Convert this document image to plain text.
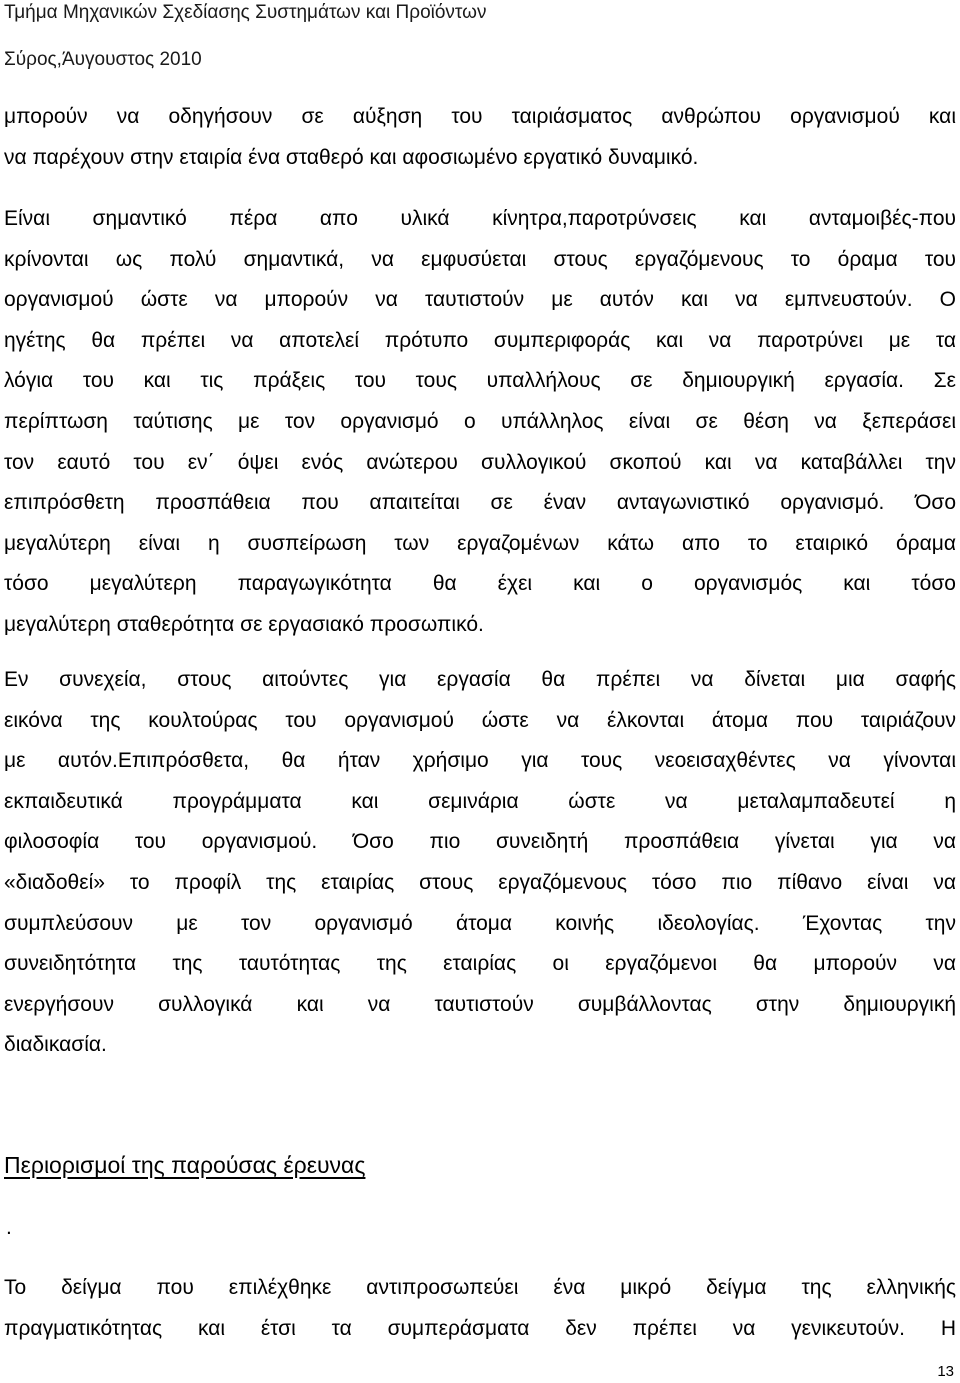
Τμήμα Μηχανικών Σχεδίασης Συστημάτων και Προϊόντων
Σύρος,Άυγουστος 2010
μπορούν να οδηγήσουν σε αύξηση του ταιριάσματος ανθρώπου οργανισμού και
να παρέχουν στην εταιρία ένα σταθερό και αφοσιωμένο εργατικό δυναμικό.
Είναι σημαντικό πέρα απο υλικά κίνητρα,παροτρύνσεις και ανταμοιβές-που
κρίνονται ως πολύ σημαντικά, να εμφυσύεται στους εργαζόμενους το όραμα του
οργανισμού ώστε να μπορούν να ταυτιστούν με αυτόν και να εμπνευστούν. Ο
ηγέτης θα πρέπει να αποτελεί πρότυπο συμπεριφοράς και να παροτρύνει με τα
λόγια του και τις πράξεις του τους υπαλλήλους σε δημιουργική εργασία. Σε
περίπτωση ταύτισης με τον οργανισμό ο υπάλληλος είναι σε θέση να ξεπεράσει
τον εαυτό του εν΄ όψει ενός ανώτερου συλλογικού σκοπού και να καταβάλλει την
επιπρόσθετη προσπάθεια που απαιτείται σε έναν ανταγωνιστικό οργανισμό. Όσο
μεγαλύτερη είναι η συσπείρωση των εργαζομένων κάτω απο το εταιρικό όραμα
τόσο μεγαλύτερη παραγωγικότητα θα έχει και ο οργανισμός και τόσο
μεγαλύτερη σταθερότητα σε εργασιακό προσωπικό.
Εν συνεχεία, στους αιτούντες για εργασία θα πρέπει να δίνεται μια σαφής
εικόνα της κουλτούρας του οργανισμού ώστε να έλκονται άτομα που ταιριάζουν
με αυτόν.Επιπρόσθετα, θα ήταν χρήσιμο για τους νεοεισαχθέντες να γίνονται
εκπαιδευτικά προγράμματα και σεμινάρια ώστε να μεταλαμπαδευτεί η
φιλοσοφία του οργανισμού. Όσο πιο συνειδητή προσπάθεια γίνεται για να
«διαδοθεί» το προφίλ της εταιρίας στους εργαζόμενους τόσο πιο πίθανο είναι να
συμπλεύσουν με τον οργανισμό άτομα κοινής ιδεολογίας. Έχοντας την
συνειδητότητα της ταυτότητας της εταιρίας οι εργαζόμενοι θα μπορούν να
ενεργήσουν συλλογικά και να ταυτιστούν συμβάλλοντας στην δημιουργική
διαδικασία.
Περιορισμοί της παρούσας έρευνας
.
Το δείγμα που επιλέχθηκε αντιπροσωπεύει ένα μικρό δείγμα της ελληνικής
πραγματικότητας και έτσι τα συμπεράσματα δεν πρέπει να γενικευτούν. Η
13
